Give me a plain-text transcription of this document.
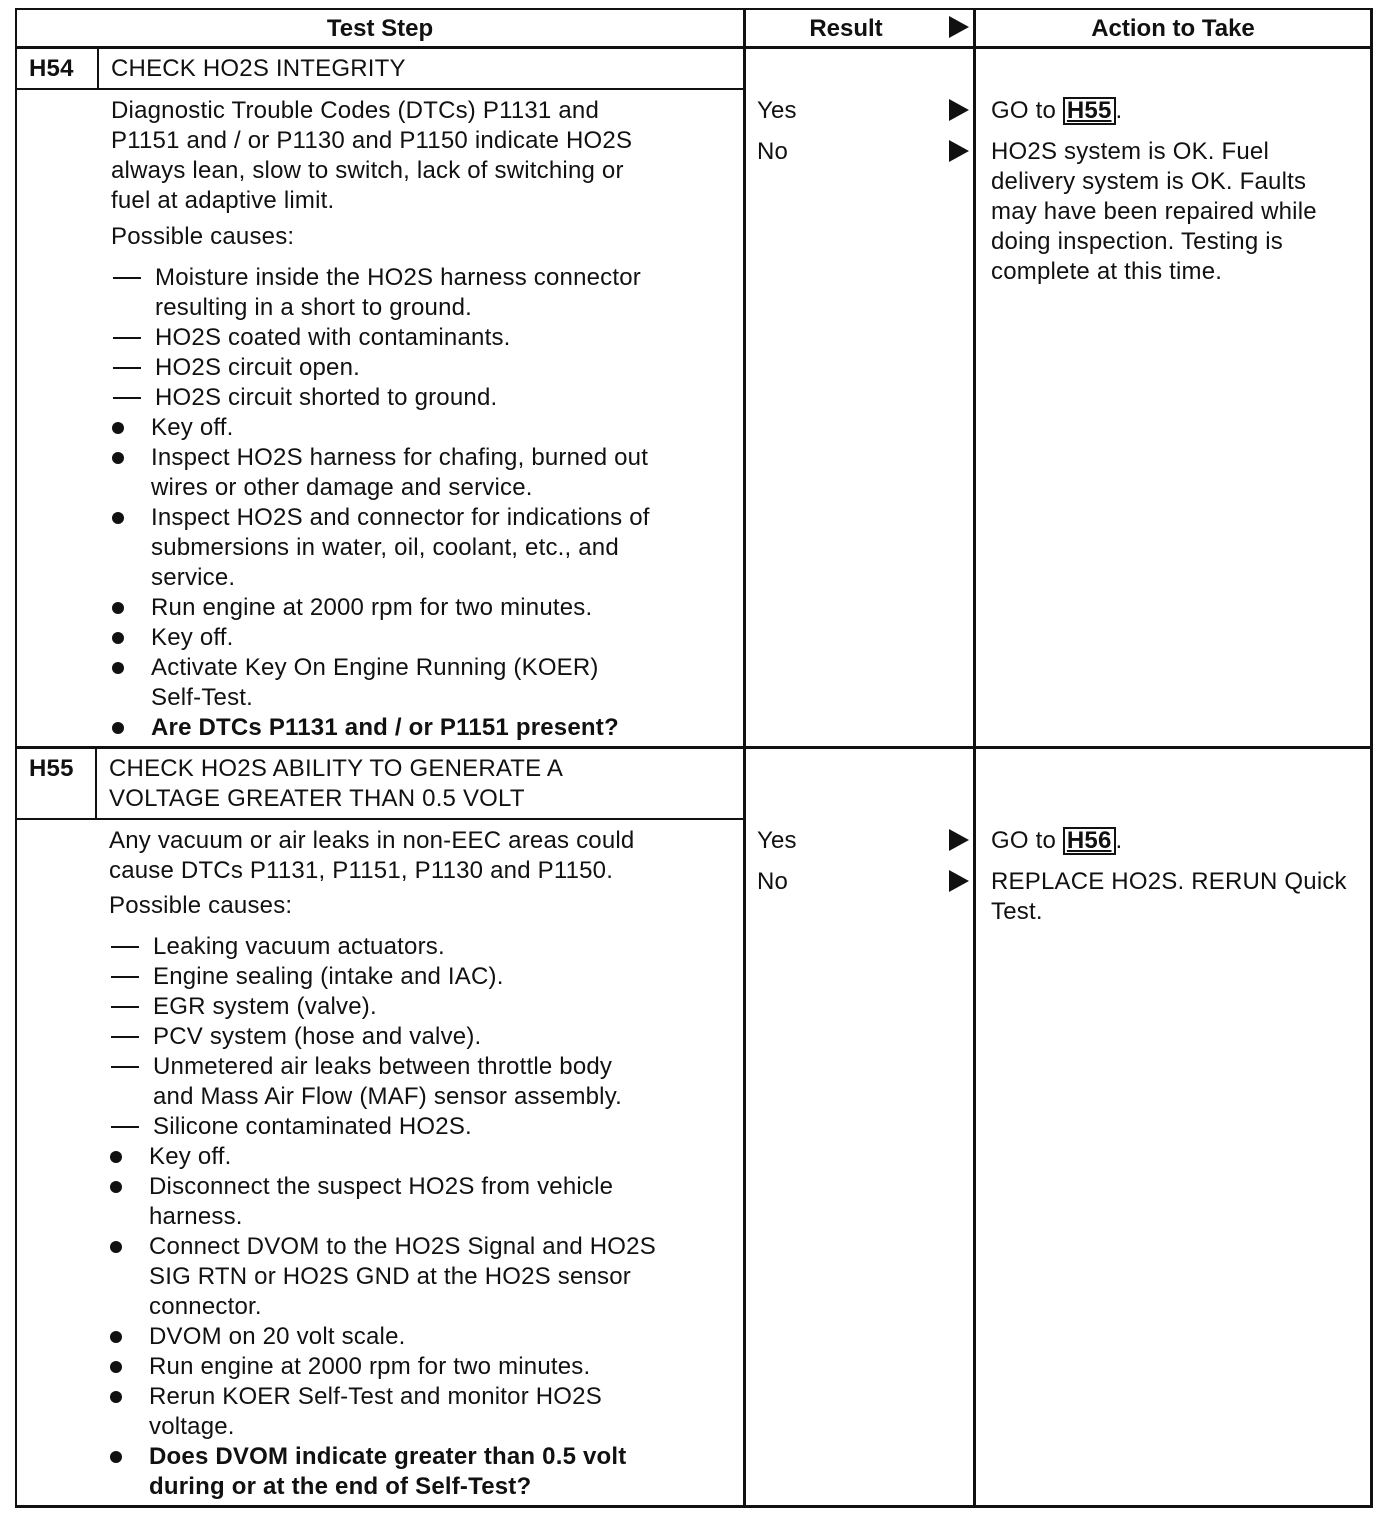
Test Step	Result	Action to Take
H54 CHECK HO2S INTEGRITY
Diagnostic Trouble Codes (DTCs) P1131 and
P1151 and / or P1130 and P1150 indicate HO2S
always lean, slow to switch, lack of switching or
fuel at adaptive limit.
Possible causes:
Moisture inside the HO2S harness connector
resulting in a short to ground.
HO2S coated with contaminants.
HO2S circuit open.
HO2S circuit shorted to ground.
Key off.
Inspect HO2S harness for chafing, burned out
wires or other damage and service.
Inspect HO2S and connector for indications of
submersions in water, oil, coolant, etc., and
service.
Run engine at 2000 rpm for two minutes.
Key off.
Activate Key On Engine Running (KOER)
Self-Test.
Are DTCs P1131 and / or P1151 present?
Yes	GO to H55 .
No	HO2S system is OK. Fuel
delivery system is OK. Faults
may have been repaired while
doing inspection. Testing is
complete at this time.
H55 CHECK HO2S ABILITY TO GENERATE A
VOLTAGE GREATER THAN 0.5 VOLT
Any vacuum or air leaks in non-EEC areas could
cause DTCs P1131, P1151, P1130 and P1150.
Possible causes:
Leaking vacuum actuators.
Engine sealing (intake and IAC).
EGR system (valve).
PCV system (hose and valve).
Unmetered air leaks between throttle body
and Mass Air Flow (MAF) sensor assembly.
Silicone contaminated HO2S.
Key off.
Disconnect the suspect HO2S from vehicle
harness.
Connect DVOM to the HO2S Signal and HO2S
SIG RTN or HO2S GND at the HO2S sensor
connector.
DVOM on 20 volt scale.
Run engine at 2000 rpm for two minutes.
Rerun KOER Self-Test and monitor HO2S
voltage.
Does DVOM indicate greater than 0.5 volt
during or at the end of Self-Test?
Yes	GO to H56 .
No	REPLACE HO2S. RERUN Quick
Test.
